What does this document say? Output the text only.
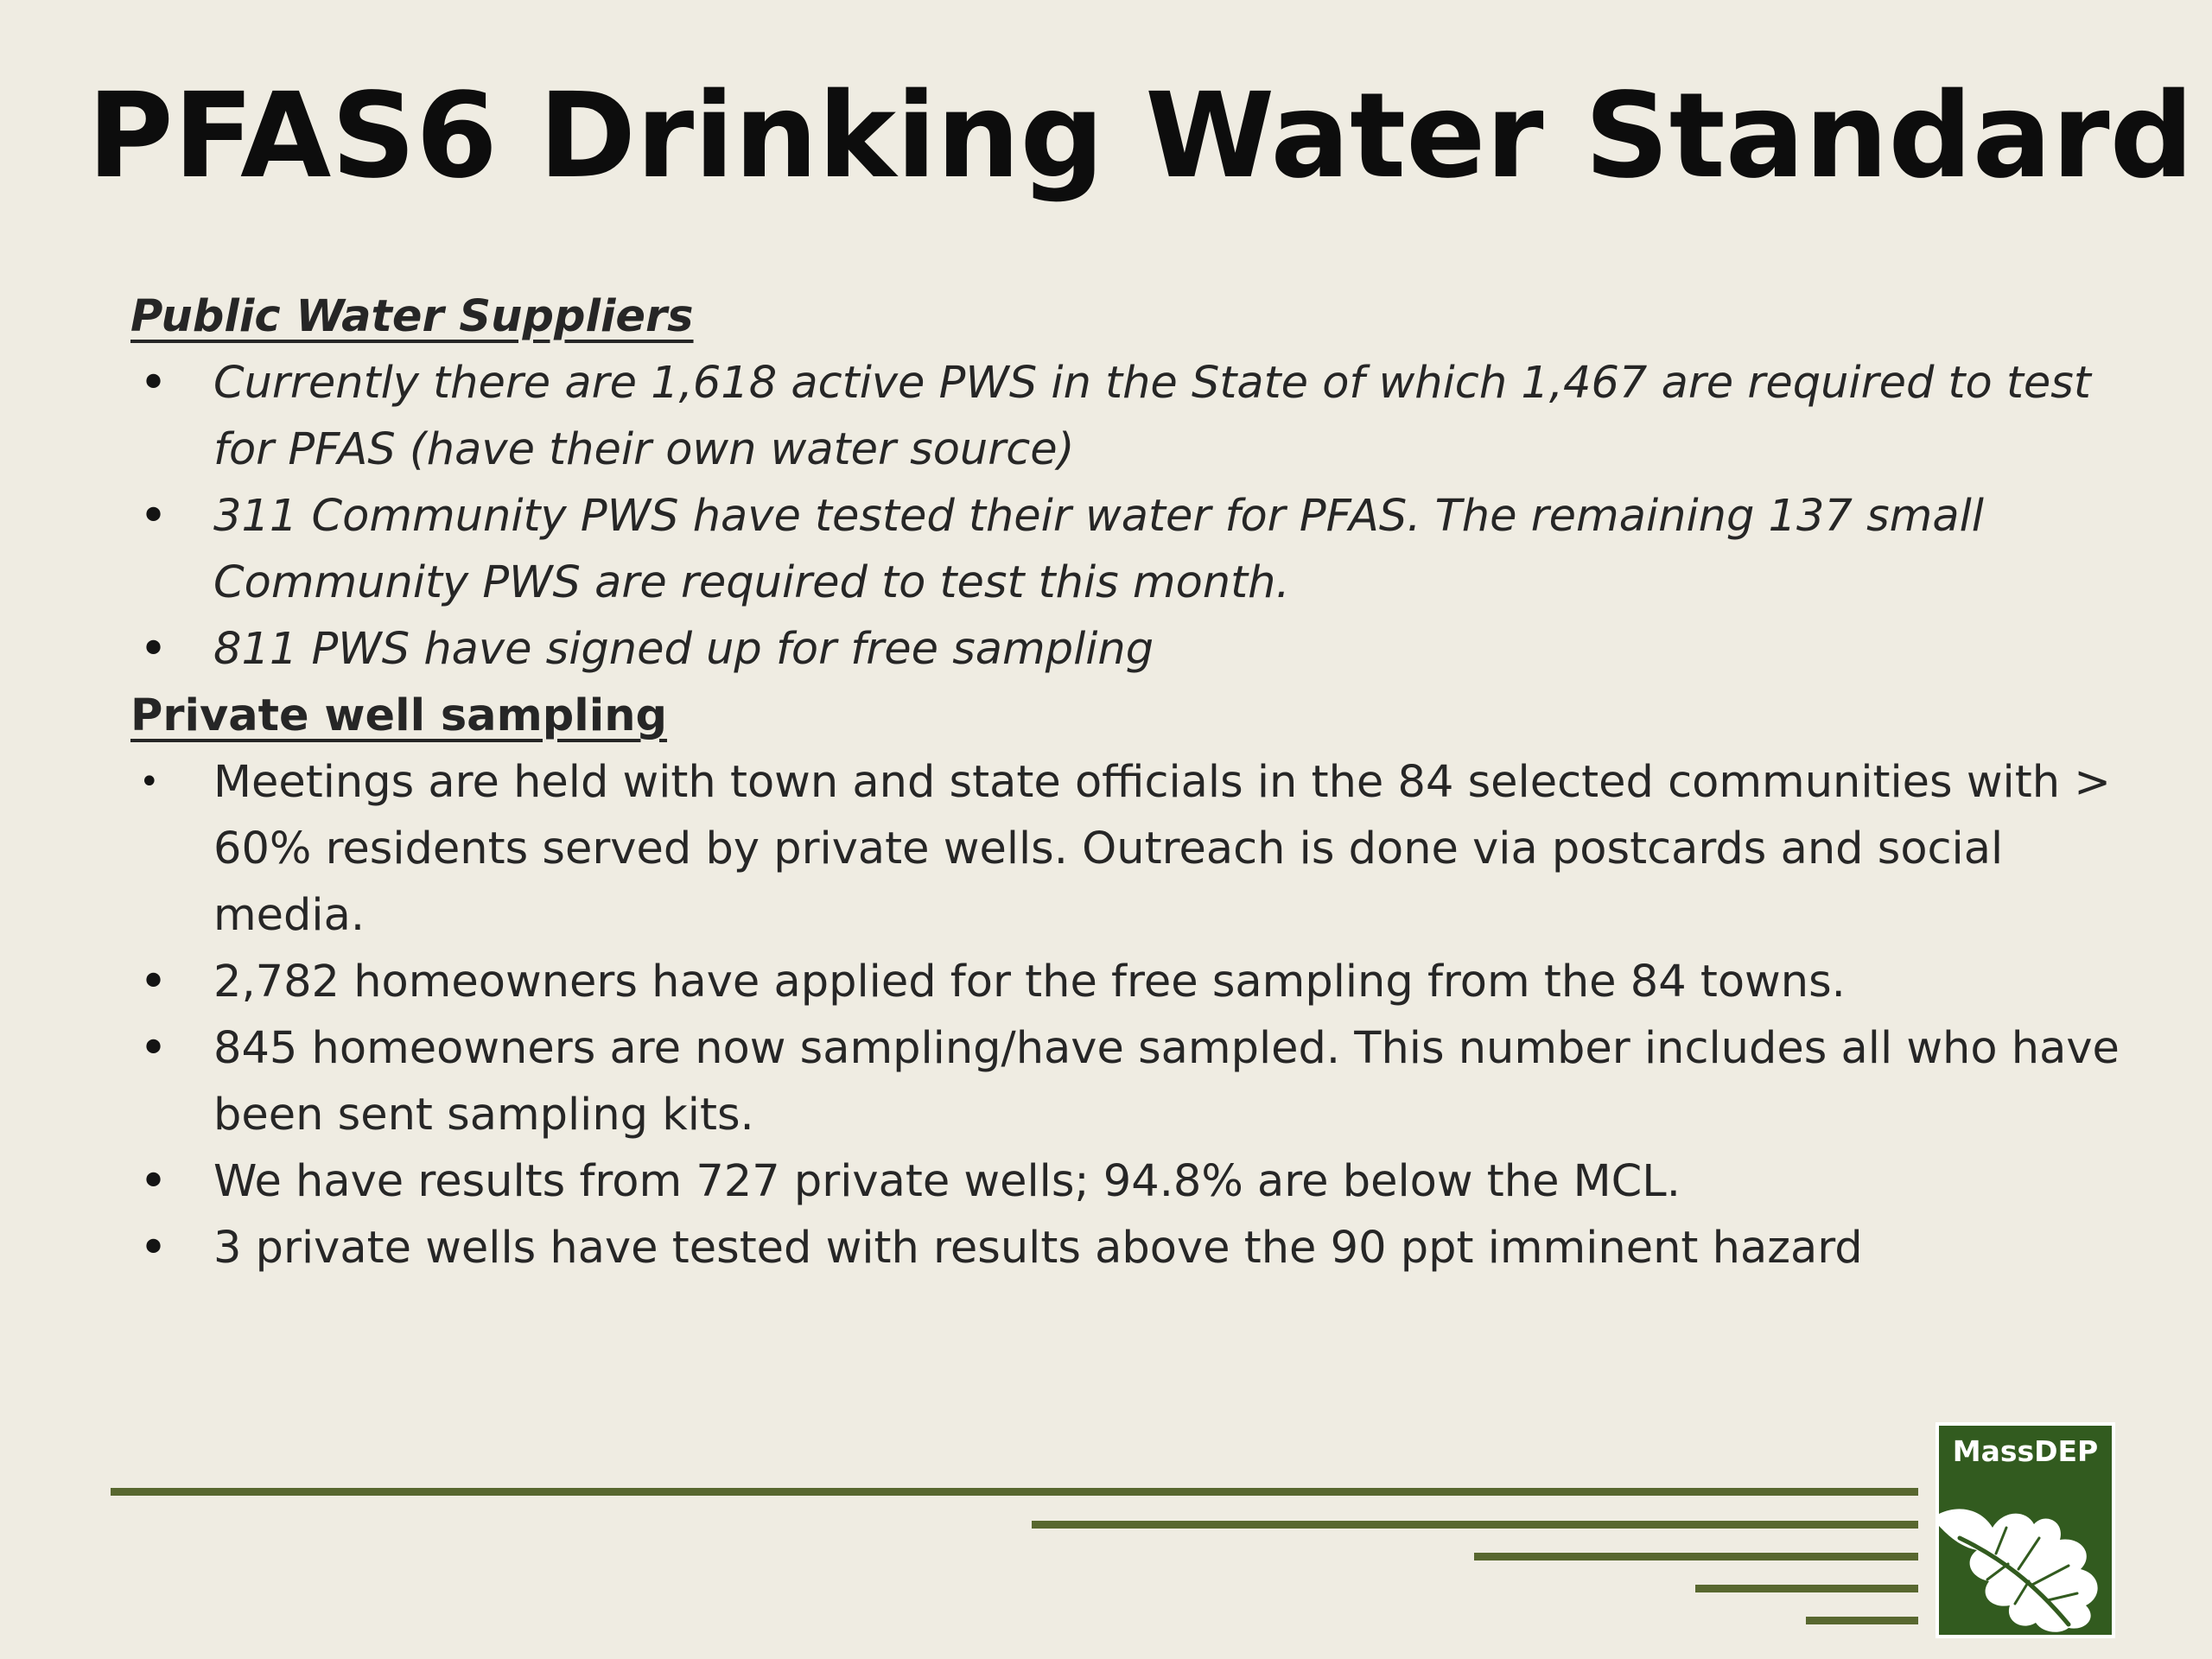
PFAS6 Drinking Water Standard
Public Water Suppliers
• Currently there are 1,618 active PWS in the State of which 1,467 are required to test for PFAS (have their own water source)
• 311 Community PWS have tested their water for PFAS. The remaining 137 small Community PWS are required to test this month.
• 811 PWS have signed up for free sampling
Private well sampling
•	Meetings are held with town and state officials in the 84 selected communities with > 60% residents served by private wells. Outreach is done via postcards and social media.
• 2,782 homeowners have applied for the free sampling from the 84 towns.
• 845 homeowners are now sampling/have sampled. This number includes all who have been sent sampling kits.
• We have results from 727 private wells; 94.8% are below the MCL.
• 3 private wells have tested with results above the 90 ppt imminent hazard
MassDEP
